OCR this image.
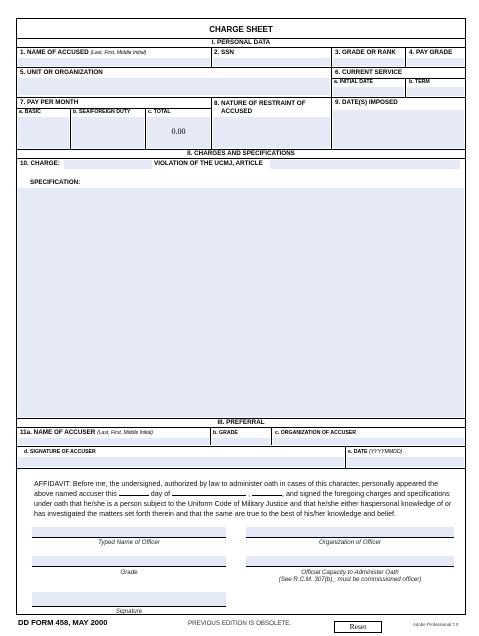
CHARGE SHEET
I. PERSONAL DATA
1. NAME OF ACCUSED (Last, First, Middle Initial)	2. SSN	3. GRADE OR RANK 4. PAY GRADE
5. UNIT OR ORGANIZATION	6. CURRENT SERVICE
a. INITIAL DATE	b. TERM
7. PAY PER MONTH
a. BASIC	b. SEA/FOREIGN DUTY	c. TOTAL
0.00
8. NATURE OF RESTRAINT OF
ACCUSED
9. DATE(S) IMPOSED
II. CHARGES AND SPECIFICATIONS
10. CHARGE:	VIOLATION OF THE UCMJ, ARTICLE
SPECIFICATION:
III. PREFERRAL
11a. NAME OF ACCUSER (Last, First, Middle Initial)	b. GRADE	c. ORGANIZATION OF ACCUSER
d. SIGNATURE OF ACCUSER	e. DATE (YYYYMMDD)
AFFIDAVIT: Before me, the undersigned, authorized by law to administer oath in cases of this character, personally appeared the above named accuser this	day of	,	, and signed the foregoing charges and specifications under oath that he/she is a person subject to the Uniform Code of Military Justice and that he/she either haspersonal knowledge of or has investigated the matters set forth therein and that the same are true to the best of his/her knowledge and belief.
Typed Name of Officer	Organization of Officer
Grade	Official Capacity to Administer Oath
(See R.C.M. 307(b)_ must be commissioned officer)
Signature
DD FORM 458, MAY 2000	PREVIOUS EDITION IS OBSOLETE.	Reset	Adobe Professional 7.0
